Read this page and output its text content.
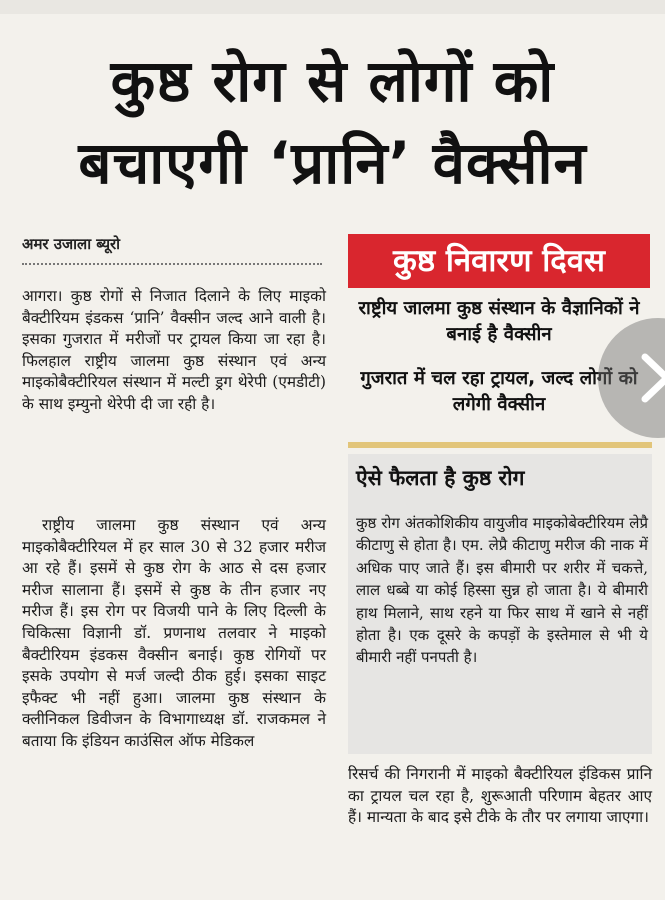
कुष्ठ रोग से लोगों को
बचाएगी ‘प्रानि’ वैक्सीन
अमर उजाला ब्यूरो

आगरा। कुष्ठ रोगों से निजात दिलाने के लिए माइको बैक्टीरियम इंडकस ‘प्रानि’ वैक्सीन जल्द आने वाली है। इसका गुजरात में मरीजों पर ट्रायल किया जा रहा है। फिलहाल राष्ट्रीय जालमा कुष्ठ संस्थान एवं अन्य माइकोबैक्टीरियल संस्थान में मल्टी ड्रग थेरेपी (एमडीटी) के साथ इम्युनो थेरेपी दी जा रही है।

राष्ट्रीय जालमा कुष्ठ संस्थान एवं अन्य माइकोबैक्टीरियल में हर साल 30 से 32 हजार मरीज आ रहे हैं। इसमें से कुष्ठ रोग के आठ से दस हजार मरीज सालाना हैं। इसमें से कुष्ठ के तीन हजार नए मरीज हैं। इस रोग पर विजयी पाने के लिए दिल्ली के चिकित्सा विज्ञानी डॉ. प्रणनाथ तलवार ने माइको बैक्टीरियम इंडकस वैक्सीन बनाई। कुष्ठ रोगियों पर इसके उपयोग से मर्ज जल्दी ठीक हुई। इसका साइट इफैक्ट भी नहीं हुआ। जालमा कुष्ठ संस्थान के क्लीनिकल डिवीजन के विभागाध्यक्ष डॉ. राजकमल ने बताया कि इंडियन काउंसिल ऑफ मेडिकल

कुष्ठ निवारण दिवस

राष्ट्रीय जालमा कुष्ठ संस्थान के वैज्ञानिकों ने बनाई है वैक्सीन

गुजरात में चल रहा ट्रायल, जल्द लोगों को लगेगी वैक्सीन

ऐसे फैलता है कुष्ठ रोग

कुष्ठ रोग अंतकोशिकीय वायुजीव माइकोबेक्टीरियम लेप्रै कीटाणु से होता है। एम. लेप्रै कीटाणु मरीज की नाक में अधिक पाए जाते हैं। इस बीमारी पर शरीर में चकत्ते, लाल धब्बे या कोई हिस्सा सुन्न हो जाता है। ये बीमारी हाथ मिलाने, साथ रहने या फिर साथ में खाने से नहीं होता है। एक दूसरे के कपड़ों के इस्तेमाल से भी ये बीमारी नहीं पनपती है।

रिसर्च की निगरानी में माइको बैक्टीरियल इंडिकस प्रानि का ट्रायल चल रहा है, शुरूआती परिणाम बेहतर आए हैं। मान्यता के बाद इसे टीके के तौर पर लगाया जाएगा।
